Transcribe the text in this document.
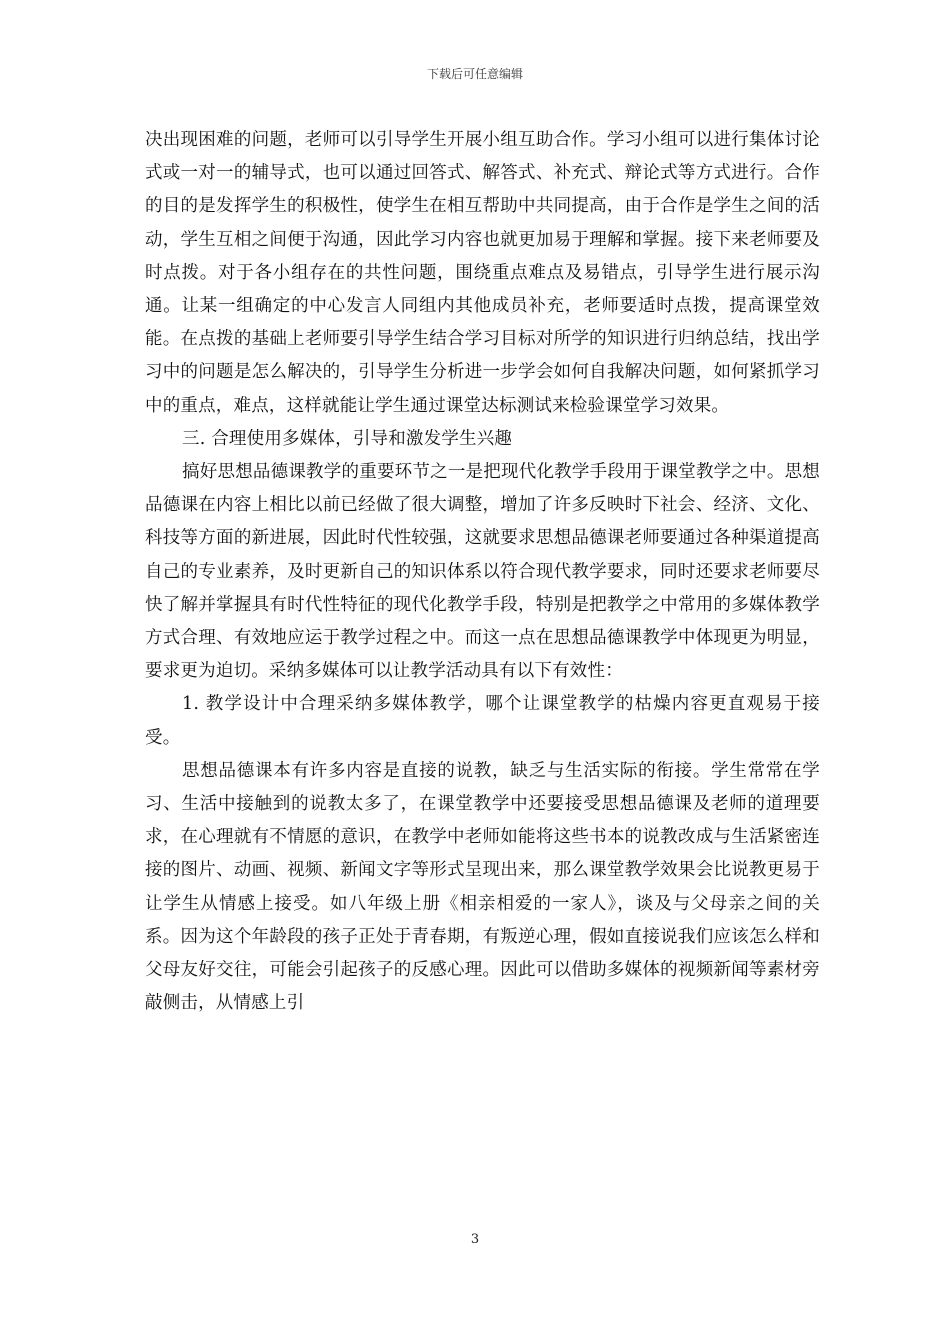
下载后可任意编辑

决出现困难的问题，老师可以引导学生开展小组互助合作。学习小组可以进行集体讨论式或一对一的辅导式，也可以通过回答式、解答式、补充式、辩论式等方式进行。合作的目的是发挥学生的积极性，使学生在相互帮助中共同提高，由于合作是学生之间的活动，学生互相之间便于沟通，因此学习内容也就更加易于理解和掌握。接下来老师要及时点拨。对于各小组存在的共性问题，围绕重点难点及易错点，引导学生进行展示沟通。让某一组确定的中心发言人同组内其他成员补充，老师要适时点拨，提高课堂效能。在点拨的基础上老师要引导学生结合学习目标对所学的知识进行归纳总结，找出学习中的问题是怎么解决的，引导学生分析进一步学会如何自我解决问题，如何紧抓学习中的重点，难点，这样就能让学生通过课堂达标测试来检验课堂学习效果。

三. 合理使用多媒体，引导和激发学生兴趣

搞好思想品德课教学的重要环节之一是把现代化教学手段用于课堂教学之中。思想品德课在内容上相比以前已经做了很大调整，增加了许多反映时下社会、经济、文化、科技等方面的新进展，因此时代性较强，这就要求思想品德课老师要通过各种渠道提高自己的专业素养，及时更新自己的知识体系以符合现代教学要求，同时还要求老师要尽快了解并掌握具有时代性特征的现代化教学手段，特别是把教学之中常用的多媒体教学方式合理、有效地应运于教学过程之中。而这一点在思想品德课教学中体现更为明显，要求更为迫切。采纳多媒体可以让教学活动具有以下有效性：

1. 教学设计中合理采纳多媒体教学，哪个让课堂教学的枯燥内容更直观易于接受。

思想品德课本有许多内容是直接的说教，缺乏与生活实际的衔接。学生常常在学习、生活中接触到的说教太多了，在课堂教学中还要接受思想品德课及老师的道理要求，在心理就有不情愿的意识，在教学中老师如能将这些书本的说教改成与生活紧密连接的图片、动画、视频、新闻文字等形式呈现出来，那么课堂教学效果会比说教更易于让学生从情感上接受。如八年级上册《相亲相爱的一家人》，谈及与父母亲之间的关系。因为这个年龄段的孩子正处于青春期，有叛逆心理，假如直接说我们应该怎么样和父母友好交往，可能会引起孩子的反感心理。因此可以借助多媒体的视频新闻等素材旁敲侧击，从情感上引

3
